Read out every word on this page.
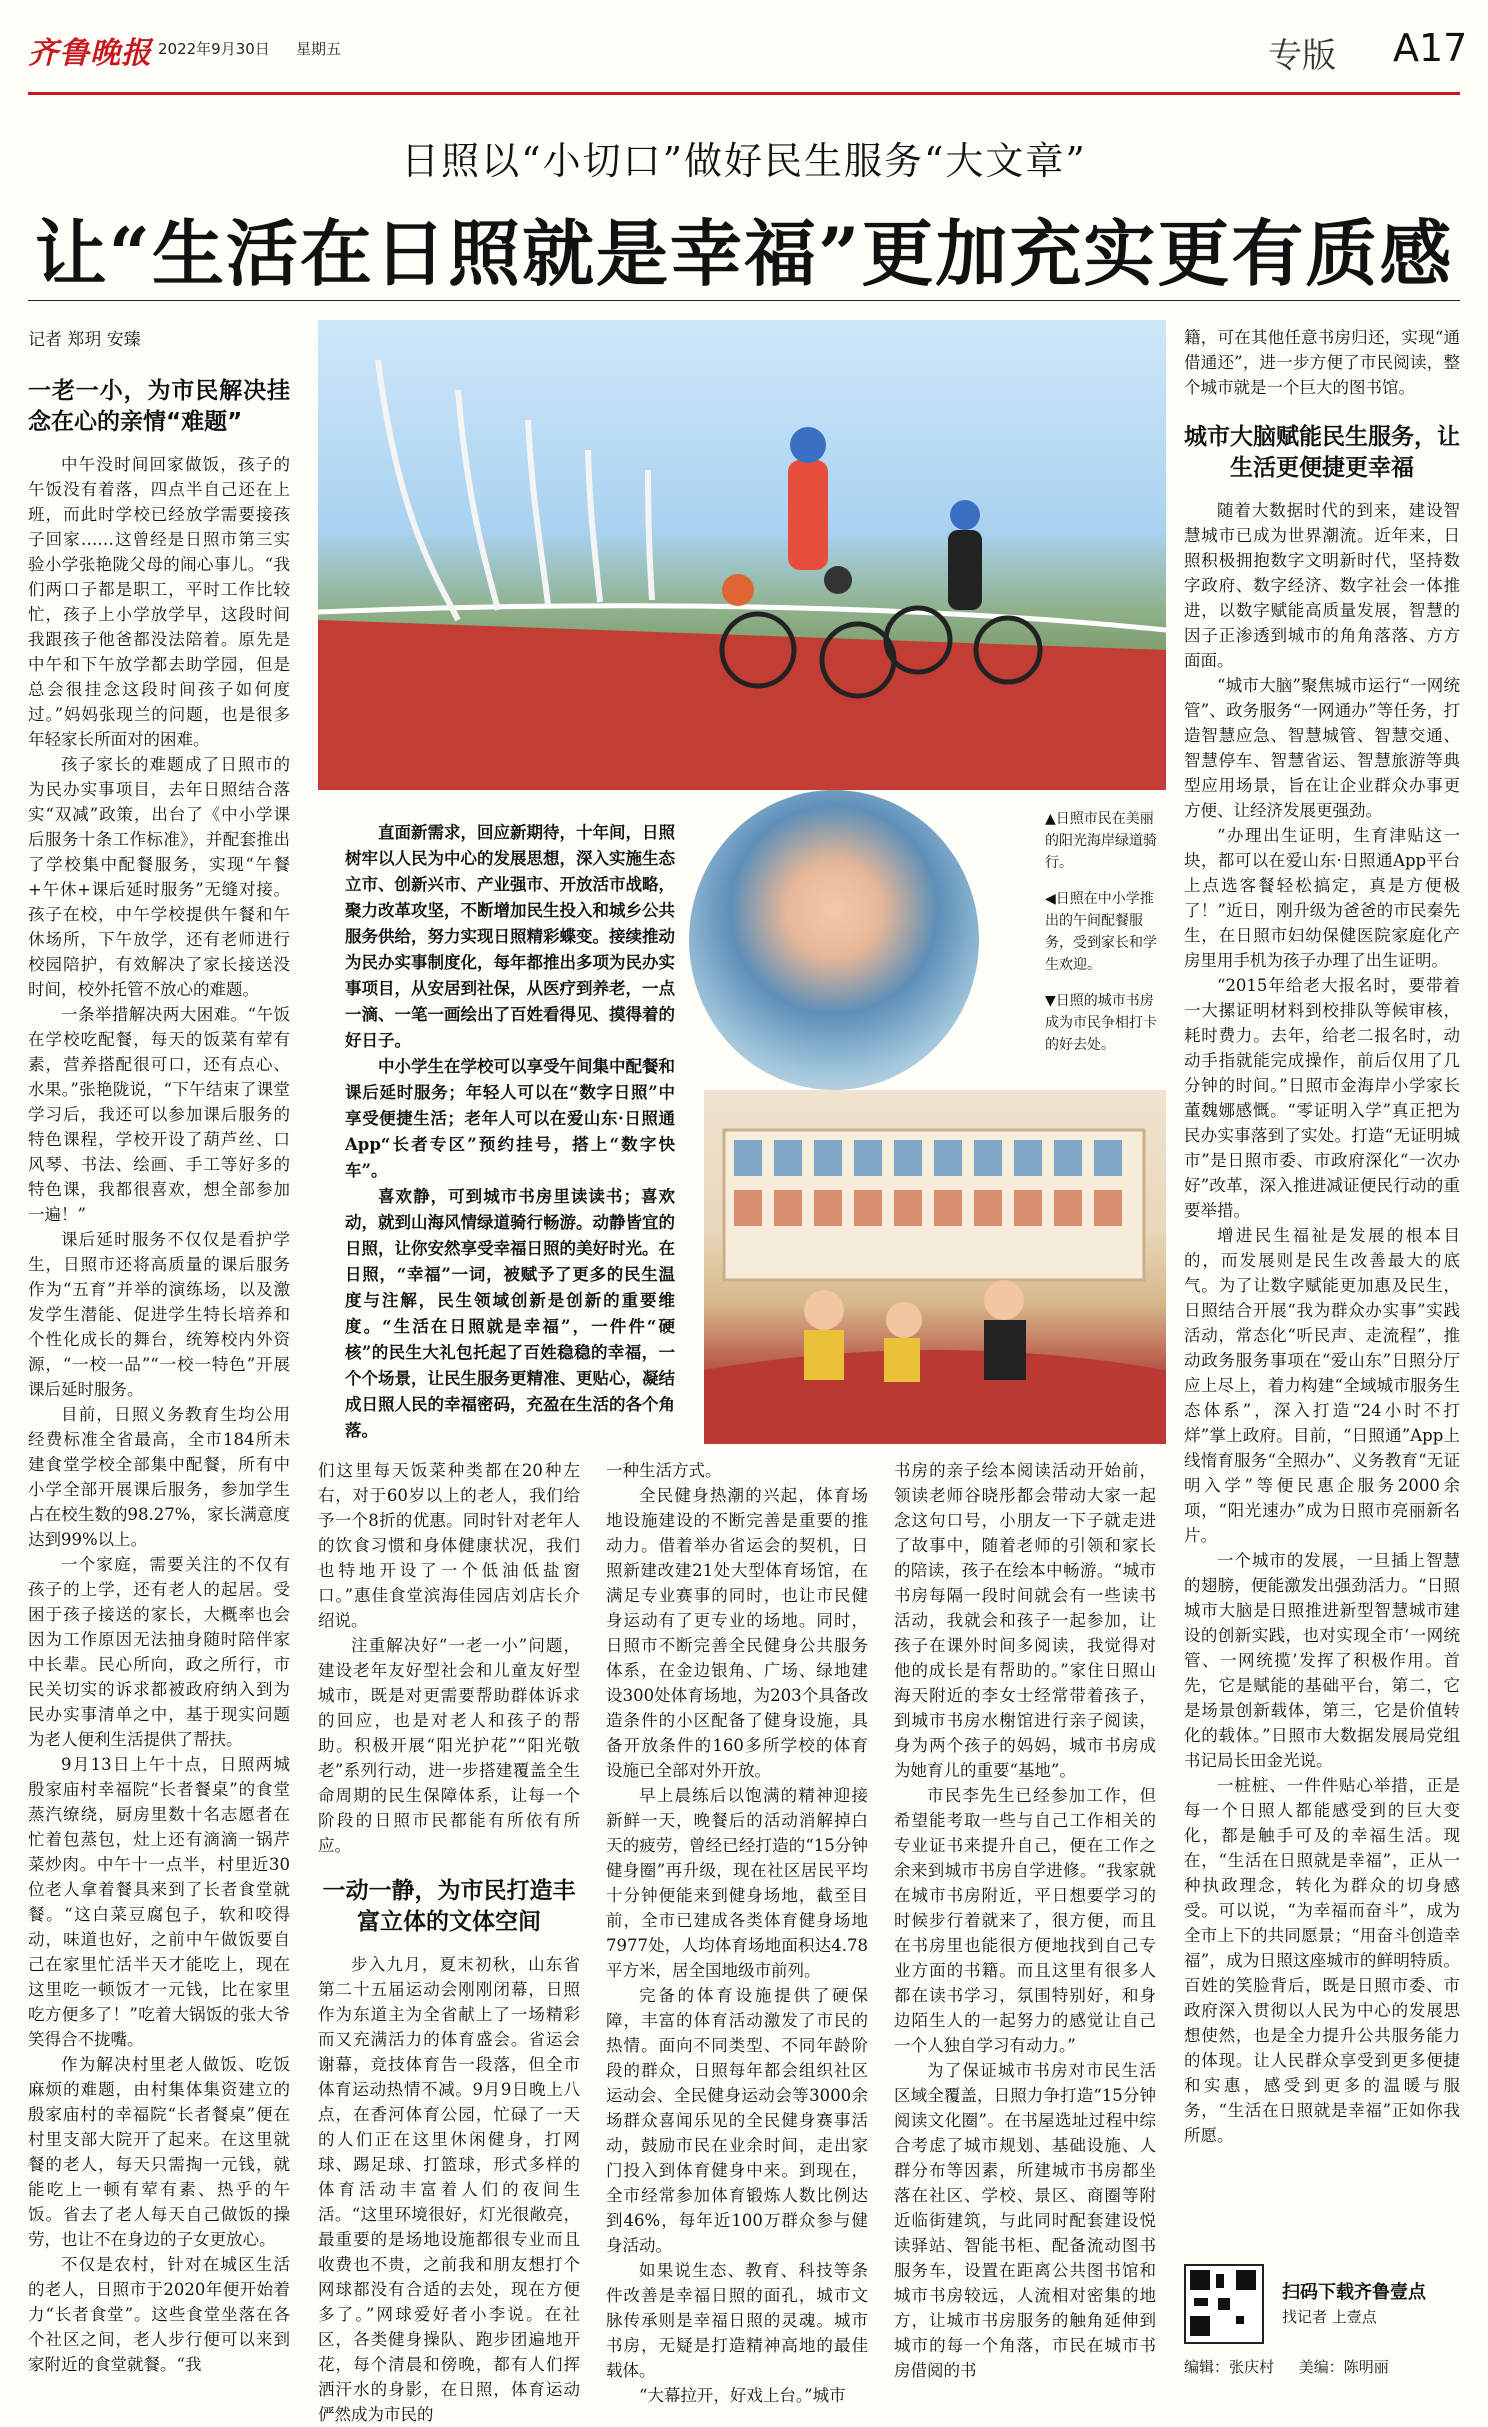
齐鲁晚报 2022年9月30日 星期五	专版 A17
日照以“小切口”做好民生服务“大文章”
让“生活在日照就是幸福”更加充实更有质感
记者 郑玥 安臻
一老一小，为市民解决挂念在心的亲情“难题”

中午没时间回家做饭，孩子的午饭没有着落，四点半自己还在上班，而此时学校已经放学需要接孩子回家……这曾经是日照市第三实验小学张艳陇父母的闹心事儿。“我们两口子都是职工，平时工作比较忙，孩子上小学放学早，这段时间我跟孩子他爸都没法陪着。原先是中午和下午放学都去助学园，但是总会很挂念这段时间孩子如何度过。”妈妈张现兰的问题，也是很多年轻家长所面对的困难。

孩子家长的难题成了日照市的为民办实事项目，去年日照结合落实“双减”政策，出台了《中小学课后服务十条工作标准》，并配套推出了学校集中配餐服务，实现“午餐+午休+课后延时服务”无缝对接。孩子在校，中午学校提供午餐和午休场所，下午放学，还有老师进行校园陪护，有效解决了家长接送没时间，校外托管不放心的难题。

一条举措解决两大困难。“午饭在学校吃配餐，每天的饭菜有荤有素，营养搭配很可口，还有点心、水果。”张艳陇说，“下午结束了课堂学习后，我还可以参加课后服务的特色课程，学校开设了葫芦丝、口风琴、书法、绘画、手工等好多的特色课，我都很喜欢，想全部参加一遍！”

课后延时服务不仅仅是看护学生，日照市还将高质量的课后服务作为“五育”并举的演练场，以及激发学生潜能、促进学生特长培养和个性化成长的舞台，统筹校内外资源，“一校一品”“一校一特色”开展课后延时服务。

目前，日照义务教育生均公用经费标准全省最高，全市184所未建食堂学校全部集中配餐，所有中小学全部开展课后服务，参加学生占在校生数的98.27%，家长满意度达到99%以上。

一个家庭，需要关注的不仅有孩子的上学，还有老人的起居。受困于孩子接送的家长，大概率也会因为工作原因无法抽身随时陪伴家中长辈。民心所向，政之所行，市民关切实的诉求都被政府纳入到为民办实事清单之中，基于现实问题为老人便利生活提供了帮扶。

9月13日上午十点，日照两城殷家庙村幸福院“长者餐桌”的食堂蒸汽缭绕，厨房里数十名志愿者在忙着包蒸包，灶上还有滴滴一锅芹菜炒肉。中午十一点半，村里近30位老人拿着餐具来到了长者食堂就餐。“这白菜豆腐包子，软和咬得动，味道也好，之前中午做饭要自己在家里忙活半天才能吃上，现在这里吃一顿饭才一元钱，比在家里吃方便多了！”吃着大锅饭的张大爷笑得合不拢嘴。

作为解决村里老人做饭、吃饭麻烦的难题，由村集体集资建立的殷家庙村的幸福院“长者餐桌”便在村里支部大院开了起来。在这里就餐的老人，每天只需掏一元钱，就能吃上一顿有荤有素、热乎的午饭。省去了老人每天自己做饭的操劳，也让不在身边的子女更放心。

不仅是农村，针对在城区生活的老人，日照市于2020年便开始着力“长者食堂”。这些食堂坐落在各个社区之间，老人步行便可以来到家附近的食堂就餐。“我

直面新需求，回应新期待，十年间，日照树牢以人民为中心的发展思想，深入实施生态立市、创新兴市、产业强市、开放活市战略，聚力改革攻坚，不断增加民生投入和城乡公共服务供给，努力实现日照精彩蝶变。接续推动为民办实事制度化，每年都推出多项为民办实事项目，从安居到社保，从医疗到养老，一点一滴、一笔一画绘出了百姓看得见、摸得着的好日子。

中小学生在学校可以享受午间集中配餐和课后延时服务；年轻人可以在“数字日照”中享受便捷生活；老年人可以在爱山东·日照通App“长者专区”预约挂号，搭上“数字快车”。

喜欢静，可到城市书房里读读书；喜欢动，就到山海风情绿道骑行畅游。动静皆宜的日照，让你安然享受幸福日照的美好时光。在日照，“幸福”一词，被赋予了更多的民生温度与注解，民生领域创新是创新的重要维度。“生活在日照就是幸福”，一件件“硬核”的民生大礼包托起了百姓稳稳的幸福，一个个场景，让民生服务更精准、更贴心，凝结成日照人民的幸福密码，充盈在生活的各个角落。

▲日照市民在美丽的阳光海岸绿道骑行。

◀日照在中小学推出的午间配餐服务，受到家长和学生欢迎。

▼日照的城市书房成为市民争相打卡的好去处。

们这里每天饭菜种类都在20种左右，对于60岁以上的老人，我们给予一个8折的优惠。同时针对老年人的饮食习惯和身体健康状况，我们也特地开设了一个低油低盐窗口。”惠佳食堂滨海佳园店刘店长介绍说。

注重解决好“一老一小”问题，建设老年友好型社会和儿童友好型城市，既是对更需要帮助群体诉求的回应，也是对老人和孩子的帮助。积极开展“阳光护花”“阳光敬老”系列行动，进一步搭建覆盖全生命周期的民生保障体系，让每一个阶段的日照市民都能有所依有所应。

一动一静，为市民打造丰富立体的文体空间

步入九月，夏末初秋，山东省第二十五届运动会刚刚闭幕，日照作为东道主为全省献上了一场精彩而又充满活力的体育盛会。省运会谢幕，竞技体育告一段落，但全市体育运动热情不减。9月9日晚上八点，在香河体育公园，忙碌了一天的人们正在这里休闲健身，打网球、踢足球、打篮球，形式多样的体育活动丰富着人们的夜间生活。“这里环境很好，灯光很敞亮，最重要的是场地设施都很专业而且收费也不贵，之前我和朋友想打个网球都没有合适的去处，现在方便多了。”网球爱好者小李说。在社区，各类健身操队、跑步团遍地开花，每个清晨和傍晚，都有人们挥洒汗水的身影，在日照，体育运动俨然成为市民的

一种生活方式。

全民健身热潮的兴起，体育场地设施建设的不断完善是重要的推动力。借着举办省运会的契机，日照新建改建21处大型体育场馆，在满足专业赛事的同时，也让市民健身运动有了更专业的场地。同时，日照市不断完善全民健身公共服务体系，在金边银角、广场、绿地建设300处体育场地，为203个具备改造条件的小区配备了健身设施，具备开放条件的160多所学校的体育设施已全部对外开放。

早上晨练后以饱满的精神迎接新鲜一天，晚餐后的活动消解掉白天的疲劳，曾经已经打造的“15分钟健身圈”再升级，现在社区居民平均十分钟便能来到健身场地，截至目前，全市已建成各类体育健身场地7977处，人均体育场地面积达4.78平方米，居全国地级市前列。

完备的体育设施提供了硬保障，丰富的体育活动激发了市民的热情。面向不同类型、不同年龄阶段的群众，日照每年都会组织社区运动会、全民健身运动会等3000余场群众喜闻乐见的全民健身赛事活动，鼓励市民在业余时间，走出家门投入到体育健身中来。到现在，全市经常参加体育锻炼人数比例达到46%，每年近100万群众参与健身活动。

如果说生态、教育、科技等条件改善是幸福日照的面孔，城市文脉传承则是幸福日照的灵魂。城市书房，无疑是打造精神高地的最佳载体。

“大幕拉开，好戏上台。”城市

书房的亲子绘本阅读活动开始前，领读老师谷晓彤都会带动大家一起念这句口号，小朋友一下子就走进了故事中，随着老师的引领和家长的陪读，孩子在绘本中畅游。“城市书房每隔一段时间就会有一些读书活动，我就会和孩子一起参加，让孩子在课外时间多阅读，我觉得对他的成长是有帮助的。”家住日照山海天附近的李女士经常带着孩子，到城市书房水榭馆进行亲子阅读，身为两个孩子的妈妈，城市书房成为她育儿的重要“基地”。

市民李先生已经参加工作，但希望能考取一些与自己工作相关的专业证书来提升自己，便在工作之余来到城市书房自学进修。“我家就在城市书房附近，平日想要学习的时候步行着就来了，很方便，而且在书房里也能很方便地找到自己专业方面的书籍。而且这里有很多人都在读书学习，氛围特别好，和身边陌生人的一起努力的感觉让自己一个人独自学习有动力。”

为了保证城市书房对市民生活区域全覆盖，日照力争打造“15分钟阅读文化圈”。在书屋选址过程中综合考虑了城市规划、基础设施、人群分布等因素，所建城市书房都坐落在社区、学校、景区、商圈等附近临街建筑，与此同时配套建设悦读驿站、智能书柜、配备流动图书服务车，设置在距离公共图书馆和城市书房较远，人流相对密集的地方，让城市书房服务的触角延伸到城市的每一个角落，市民在城市书房借阅的书

籍，可在其他任意书房归还，实现“通借通还”，进一步方便了市民阅读，整个城市就是一个巨大的图书馆。

城市大脑赋能民生服务，让生活更便捷更幸福

随着大数据时代的到来，建设智慧城市已成为世界潮流。近年来，日照积极拥抱数字文明新时代，坚持数字政府、数字经济、数字社会一体推进，以数字赋能高质量发展，智慧的因子正渗透到城市的角角落落、方方面面。

“城市大脑”聚焦城市运行“一网统管”、政务服务“一网通办”等任务，打造智慧应急、智慧城管、智慧交通、智慧停车、智慧省运、智慧旅游等典型应用场景，旨在让企业群众办事更方便、让经济发展更强劲。

“办理出生证明，生育津贴这一块，都可以在爱山东·日照通App平台上点选客餐轻松搞定，真是方便极了！”近日，刚升级为爸爸的市民秦先生，在日照市妇幼保健医院家庭化产房里用手机为孩子办理了出生证明。

“2015年给老大报名时，要带着一大摞证明材料到校排队等候审核，耗时费力。去年，给老二报名时，动动手指就能完成操作，前后仅用了几分钟的时间。”日照市金海岸小学家长董魏娜感慨。“零证明入学”真正把为民办实事落到了实处。打造“无证明城市”是日照市委、市政府深化“一次办好”改革，深入推进减证便民行动的重要举措。

增进民生福祉是发展的根本目的，而发展则是民生改善最大的底气。为了让数字赋能更加惠及民生，日照结合开展“我为群众办实事”实践活动，常态化“听民声、走流程”，推动政务服务事项在“爱山东”日照分厅应上尽上，着力构建“全域城市服务生态体系”，深入打造“24小时不打烊”掌上政府。目前，“日照通”App上线惰育服务“全照办”、义务教育“无证明入学”等便民惠企服务2000余项，“阳光速办”成为日照市亮丽新名片。

一个城市的发展，一旦插上智慧的翅膀，便能激发出强劲活力。“日照城市大脑是日照推进新型智慧城市建设的创新实践，也对实现全市‘一网统管、一网统揽’发挥了积极作用。首先，它是赋能的基础平台，第二，它是场景创新载体，第三，它是价值转化的载体。”日照市大数据发展局党组书记局长田金光说。

一桩桩、一件件贴心举措，正是每一个日照人都能感受到的巨大变化，都是触手可及的幸福生活。现在，“生活在日照就是幸福”，正从一种执政理念，转化为群众的切身感受。可以说，“为幸福而奋斗”，成为全市上下的共同愿景；“用奋斗创造幸福”，成为日照这座城市的鲜明特质。百姓的笑脸背后，既是日照市委、市政府深入贯彻以人民为中心的发展思想使然，也是全力提升公共服务能力的体现。让人民群众享受到更多便捷和实惠，感受到更多的温暖与服务，“生活在日照就是幸福”正如你我所愿。

扫码下载齐鲁壹点
找记者 上壹点
编辑：张庆村 美编：陈明丽
